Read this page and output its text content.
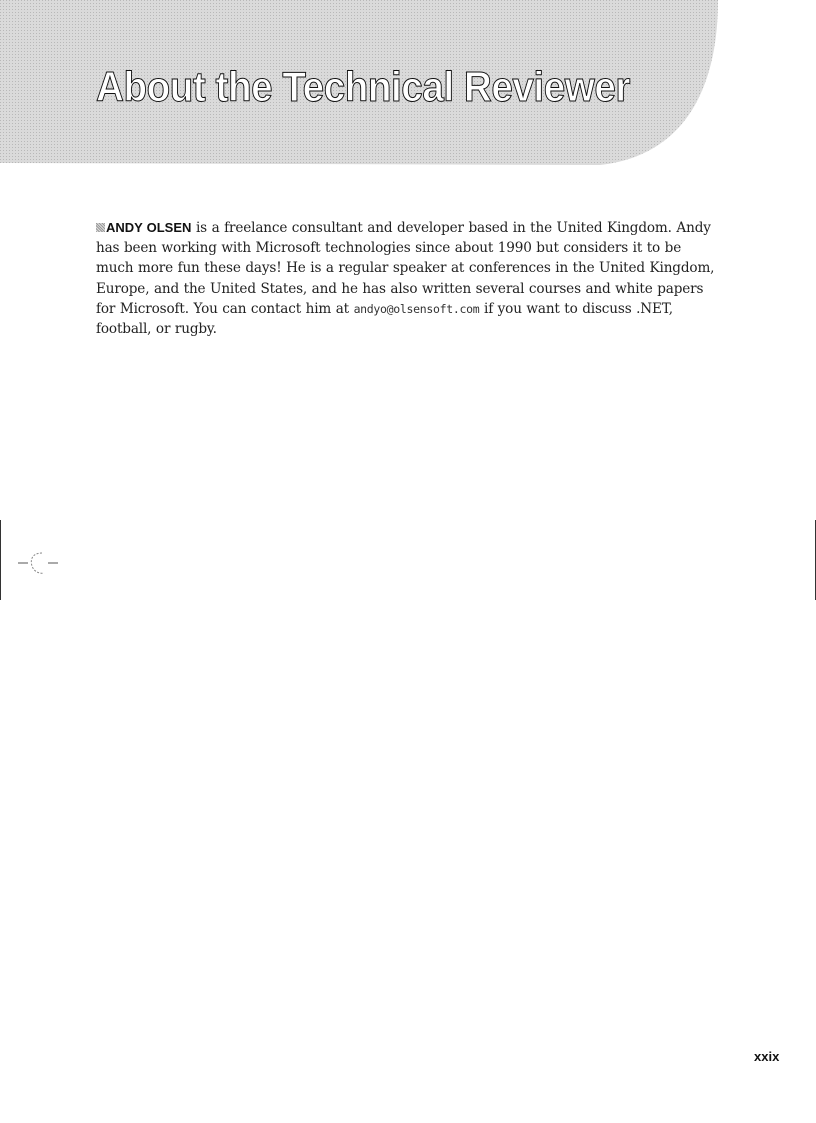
About the Technical Reviewer

ANDY OLSEN is a freelance consultant and developer based in the United Kingdom. Andy has been working with Microsoft technologies since about 1990 but considers it to be much more fun these days! He is a regular speaker at conferences in the United Kingdom, Europe, and the United States, and he has also written several courses and white papers for Microsoft. You can contact him at andyo@olsensoft.com if you want to discuss .NET, football, or rugby.

xxix
